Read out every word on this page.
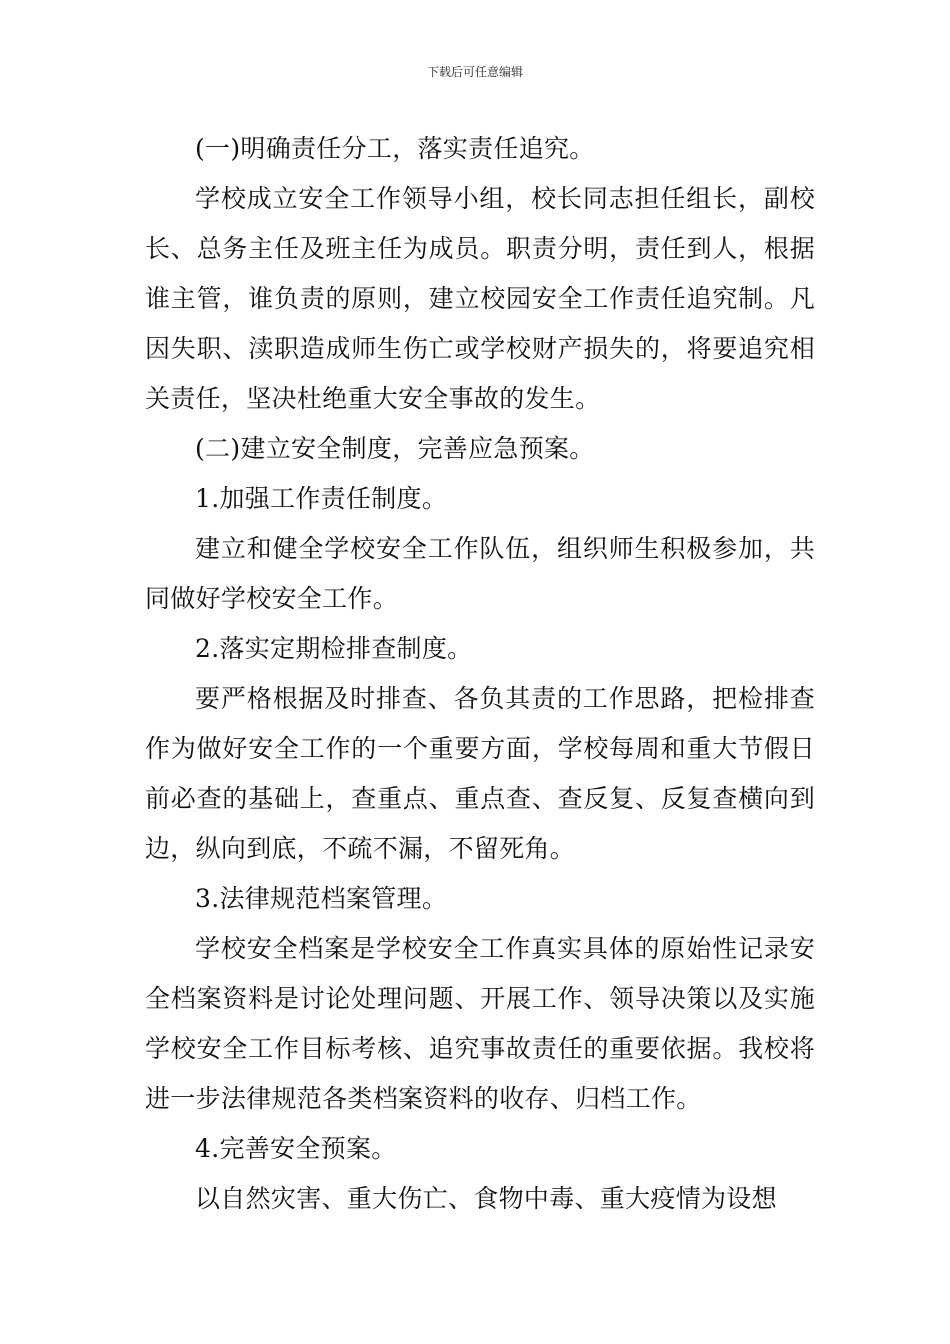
下载后可任意编辑

(一)明确责任分工，落实责任追究。

学校成立安全工作领导小组，校长同志担任组长，副校长、总务主任及班主任为成员。职责分明，责任到人，根据谁主管，谁负责的原则，建立校园安全工作责任追究制。凡因失职、渎职造成师生伤亡或学校财产损失的，将要追究相关责任，坚决杜绝重大安全事故的发生。

(二)建立安全制度，完善应急预案。

1.加强工作责任制度。

建立和健全学校安全工作队伍，组织师生积极参加，共同做好学校安全工作。

2.落实定期检排查制度。

要严格根据及时排查、各负其责的工作思路，把检排查作为做好安全工作的一个重要方面，学校每周和重大节假日前必查的基础上，查重点、重点查、查反复、反复查横向到边，纵向到底，不疏不漏，不留死角。

3.法律规范档案管理。

学校安全档案是学校安全工作真实具体的原始性记录安全档案资料是讨论处理问题、开展工作、领导决策以及实施学校安全工作目标考核、追究事故责任的重要依据。我校将进一步法律规范各类档案资料的收存、归档工作。

4.完善安全预案。

以自然灾害、重大伤亡、食物中毒、重大疫情为设想
